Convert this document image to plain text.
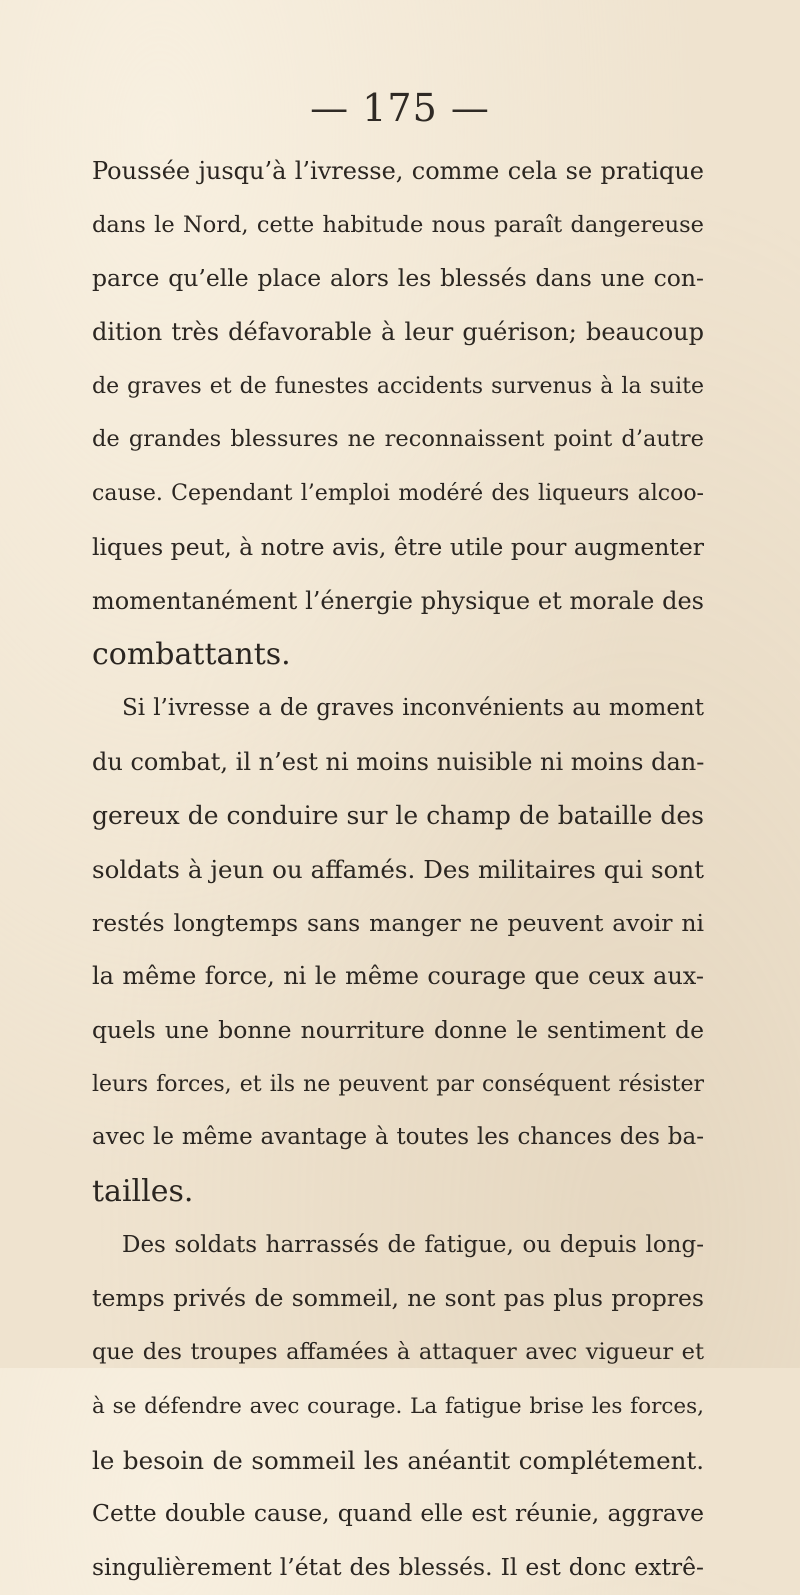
— 175 —
Poussée jusqu’à l’ivresse, comme cela se pratique
dans le Nord, cette habitude nous paraît dangereuse
parce qu’elle place alors les blessés dans une con-
dition très défavorable à leur guérison; beaucoup
de graves et de funestes accidents survenus à la suite
de grandes blessures ne reconnaissent point d’autre
cause. Cependant l’emploi modéré des liqueurs alcoo-
liques peut, à notre avis, être utile pour augmenter
momentanément l’énergie physique et morale des
combattants.
Si l’ivresse a de graves inconvénients au moment
du combat, il n’est ni moins nuisible ni moins dan-
gereux de conduire sur le champ de bataille des
soldats à jeun ou affamés. Des militaires qui sont
restés longtemps sans manger ne peuvent avoir ni
la même force, ni le même courage que ceux aux-
quels une bonne nourriture donne le sentiment de
leurs forces, et ils ne peuvent par conséquent résister
avec le même avantage à toutes les chances des ba-
tailles.
Des soldats harrassés de fatigue, ou depuis long-
temps privés de sommeil, ne sont pas plus propres
que des troupes affamées à attaquer avec vigueur et
à se défendre avec courage. La fatigue brise les forces,
le besoin de sommeil les anéantit complétement.
Cette double cause, quand elle est réunie, aggrave
singulièrement l’état des blessés. Il est donc extrê-
